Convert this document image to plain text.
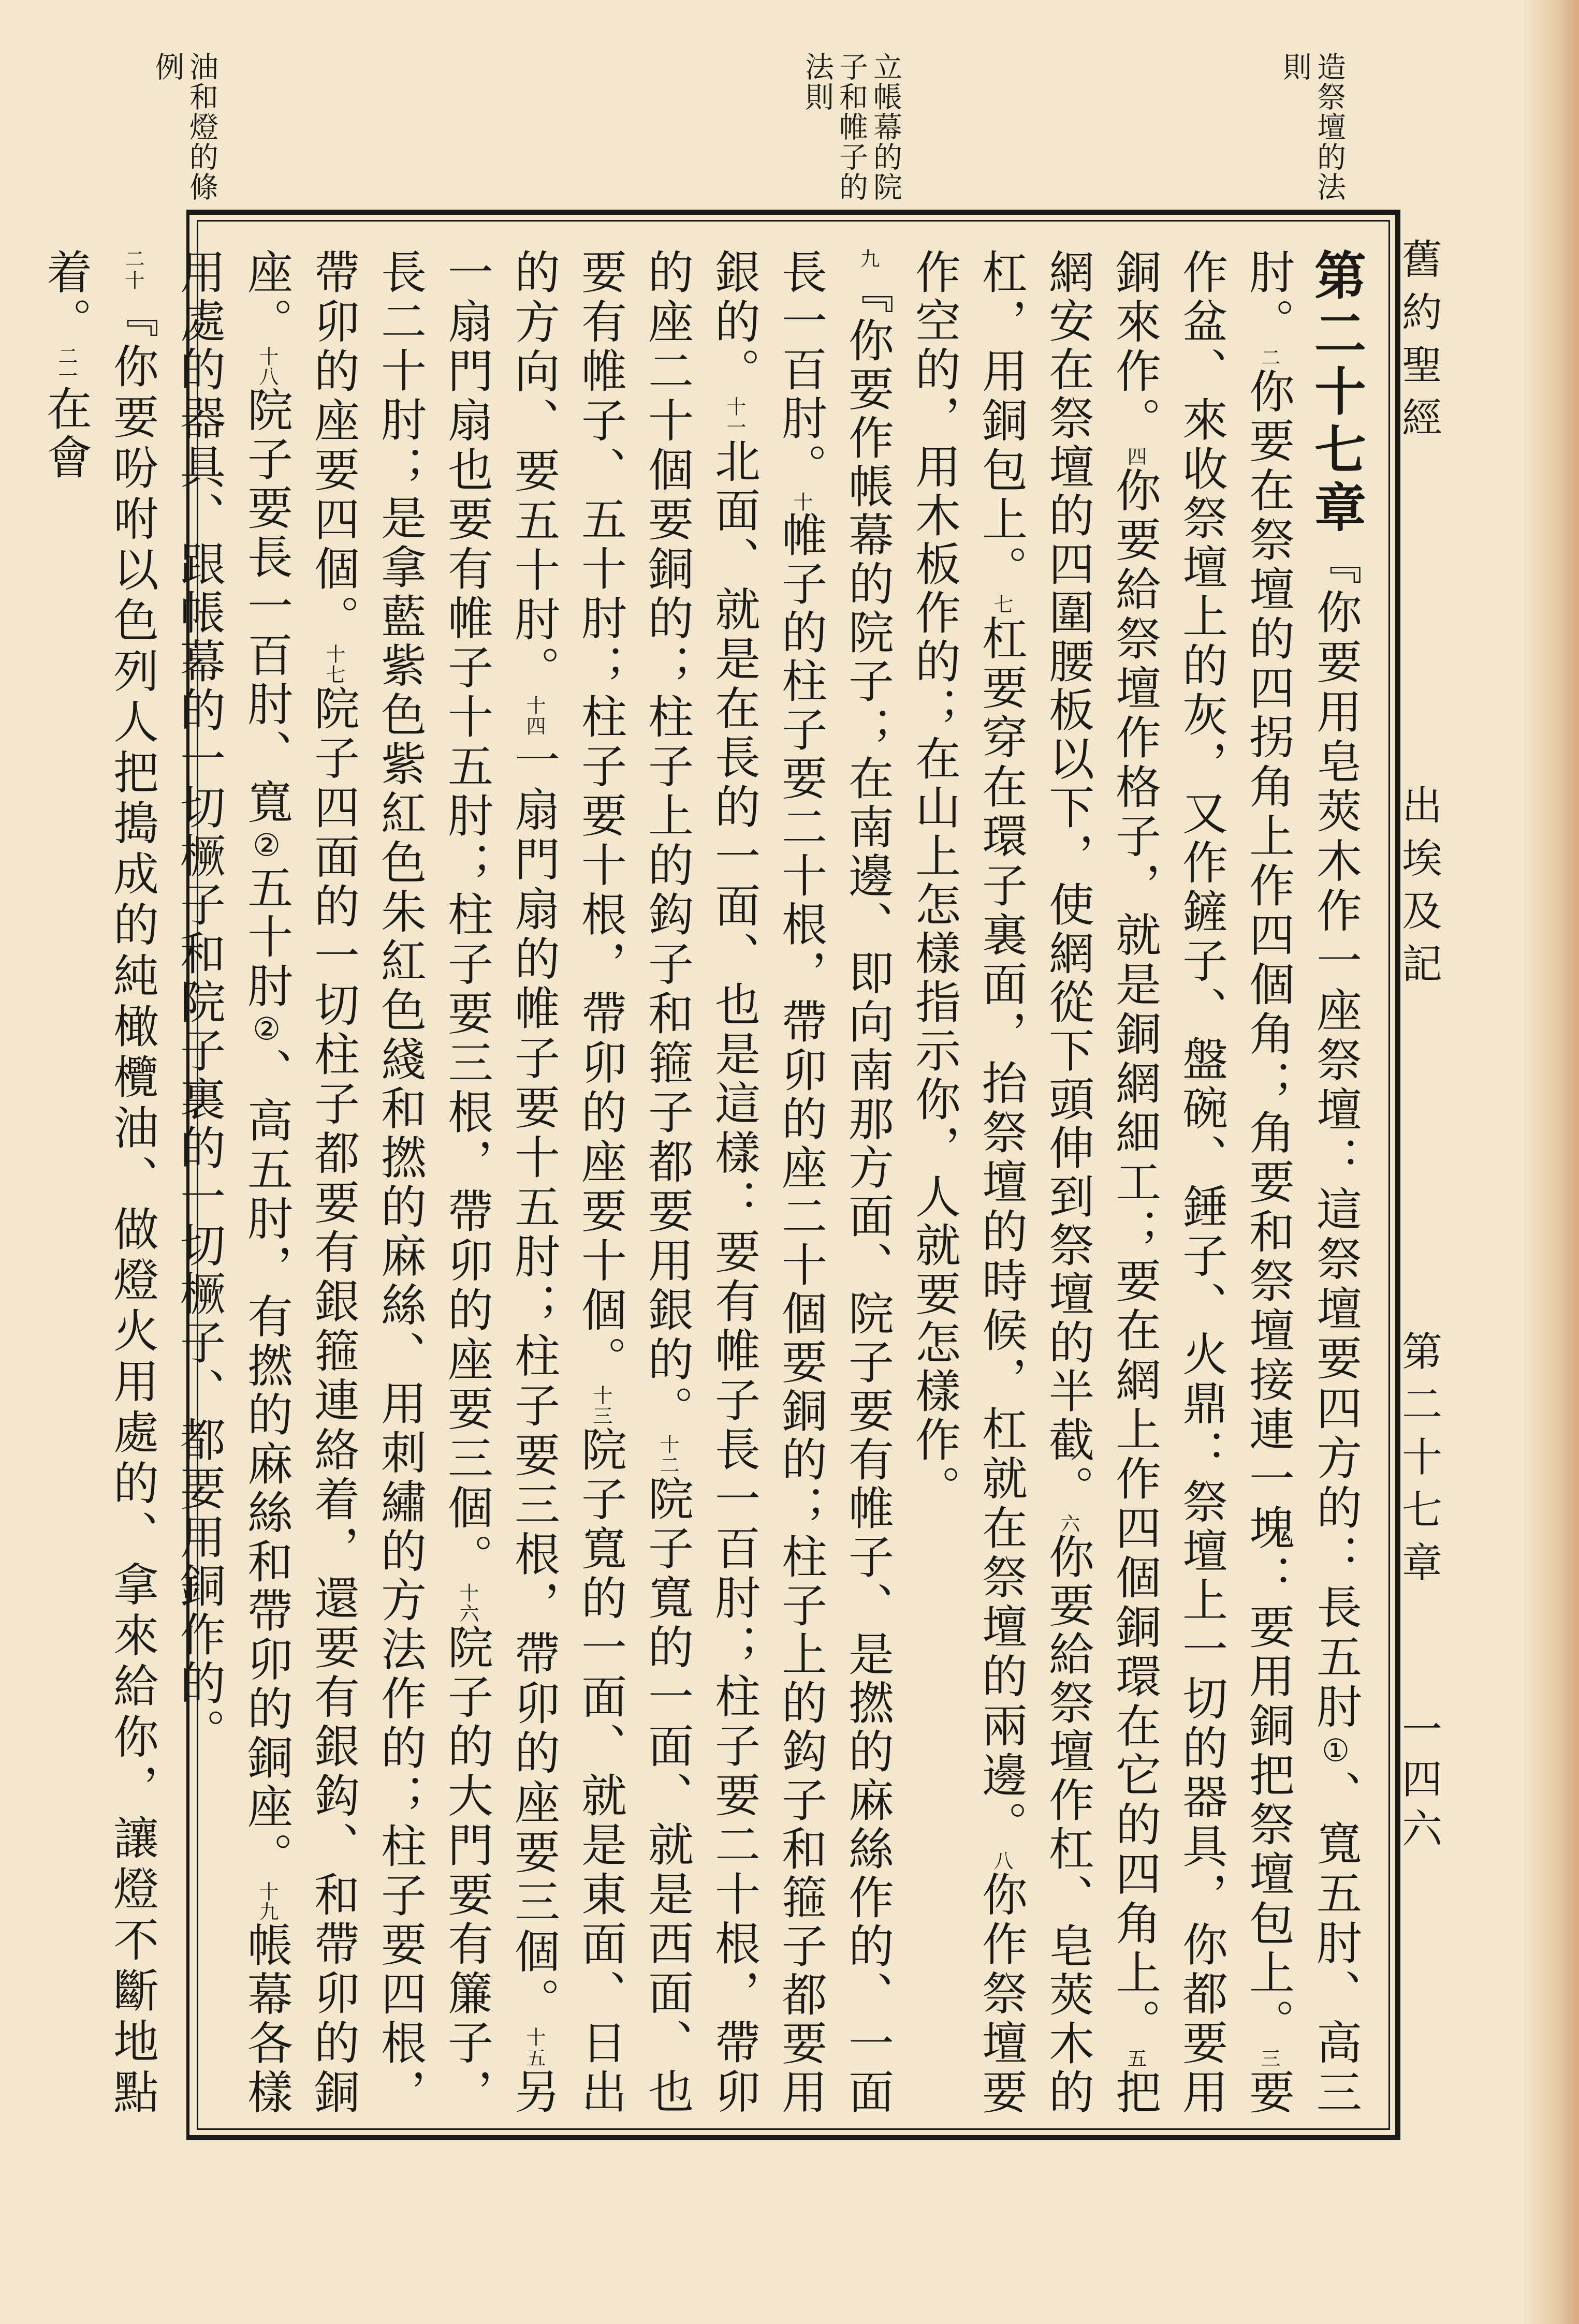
舊約聖經
出埃及記
第二十七章
一四六
造祭壇的法則
立帳幕的院子和帷子的法則
油和燈的條例
第二十七章『你要用皂莢木作一座祭壇：這祭壇要四方的：長五肘①、寬五肘、高三肘。$^二$你要在祭壇的四拐角上作四個角；角要和祭壇接連一塊：要用銅把祭壇包上。$^三$要作盆、來收祭壇上的灰，又作鏟子、盤碗、錘子、火鼎：祭壇上一切的器具，你都要用銅來作。$^四$你要給祭壇作格子，就是銅網細工；要在網上作四個銅環在它的四角上。$^五$把網安在祭壇的四圍腰板以下，使網從下頭伸到祭壇的半截。$^六$你要給祭壇作杠、皂莢木的杠，用銅包上。$^七$杠要穿在環子裏面，抬祭壇的時候，杠就在祭壇的兩邊。$^八$你作祭壇要作空的，用木板作的；在山上怎樣指示你，人就要怎樣作。
$^九$『你要作帳幕的院子；在南邊、即向南那方面、院子要有帷子、是撚的麻絲作的、一面長一百肘。$^十$帷子的柱子要二十根，帶卯的座二十個要銅的；柱子上的鈎子和箍子都要用銀的。$^{十一}$北面、就是在長的一面、也是這樣：要有帷子長一百肘；柱子要二十根，帶卯的座二十個要銅的；柱子上的鈎子和箍子都要用銀的。$^{十二}$院子寬的一面、就是西面、也要有帷子、五十肘；柱子要十根，帶卯的座要十個。$^{十三}$院子寬的一面、就是東面、日出的方向、要五十肘。$^{十四}$一扇門扇的帷子要十五肘；柱子要三根，帶卯的座要三個。$^{十五}$另一扇門扇也要有帷子十五肘；柱子要三根，帶卯的座要三個。$^{十六}$院子的大門要有簾子，長二十肘；是拿藍紫色紫紅色朱紅色綫和撚的麻絲、用刺繡的方法作的；柱子要四根，帶卯的座要四個。$^{十七}$院子四面的一切柱子都要有銀箍連絡着，還要有銀鈎、和帶卯的銅座。$^{十八}$院子要長一百肘、寬②五十肘②、高五肘，有撚的麻絲和帶卯的銅座。$^{十九}$帳幕各樣用處的器具、跟帳幕的一切橛子和院子裏的一切橛子、都要用銅作的。
$^{二十}$『你要吩咐以色列人把搗成的純橄欖油、做燈火用處的、拿來給你，讓燈不斷地點着。$^{二一}$在會
